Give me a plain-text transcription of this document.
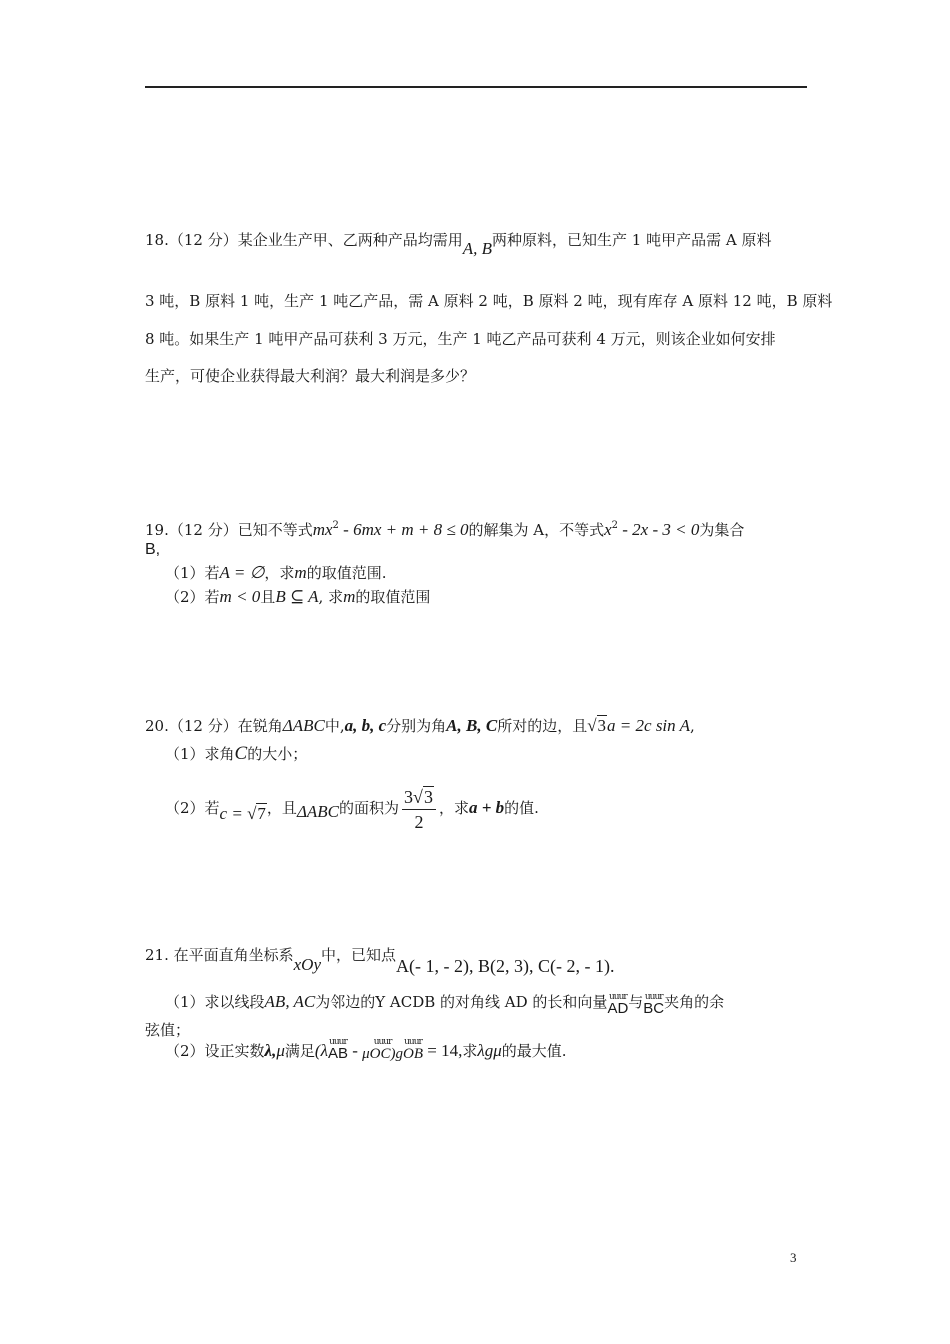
18.（12 分）某企业生产甲、乙两种产品均需用A, B两种原料，已知生产 1 吨甲产品需 A 原料
3 吨，B 原料 1 吨，生产 1 吨乙产品，需 A 原料 2 吨，B 原料 2 吨，现有库存 A 原料 12 吨，B 原料
8 吨。如果生产 1 吨甲产品可获利 3 万元，生产 1 吨乙产品可获利 4 万元，则该企业如何安排
生产，可使企业获得最大利润？最大利润是多少？
19.（12 分）已知不等式$mx^2 - 6mx + m + 8 \le 0$的解集为 A，不等式$x^2 - 2x - 3 < 0$为集合
B,
（1）若A = ∅，求m的取值范围.
（2）若m < 0且B ⊆ A, 求m的取值范围
20.（12 分）在锐角ΔABC中,a, b, c分别为角A, B, C所对的边，且√3a = 2c sin A,
（1）求角C的大小；
（2）若c = √7，且ΔABC的面积为 $\frac{3√3}{2}$ ，求a + b的值.
21. 在平面直角坐标系xOy中，已知点A(- 1, - 2), B(2, 3), C(- 2, - 1).
（1）求以线段AB, AC为邻边的Y ACDB 的对角线 AD 的长和向量 uuur
AD 与 uuur
BC 夹角的余
弦值；
（2）设正实数λ,μ满足(λ uuur
AB -	uuur
μOC)g
uuur
OB = 14,求λgμ的最大值.
3
